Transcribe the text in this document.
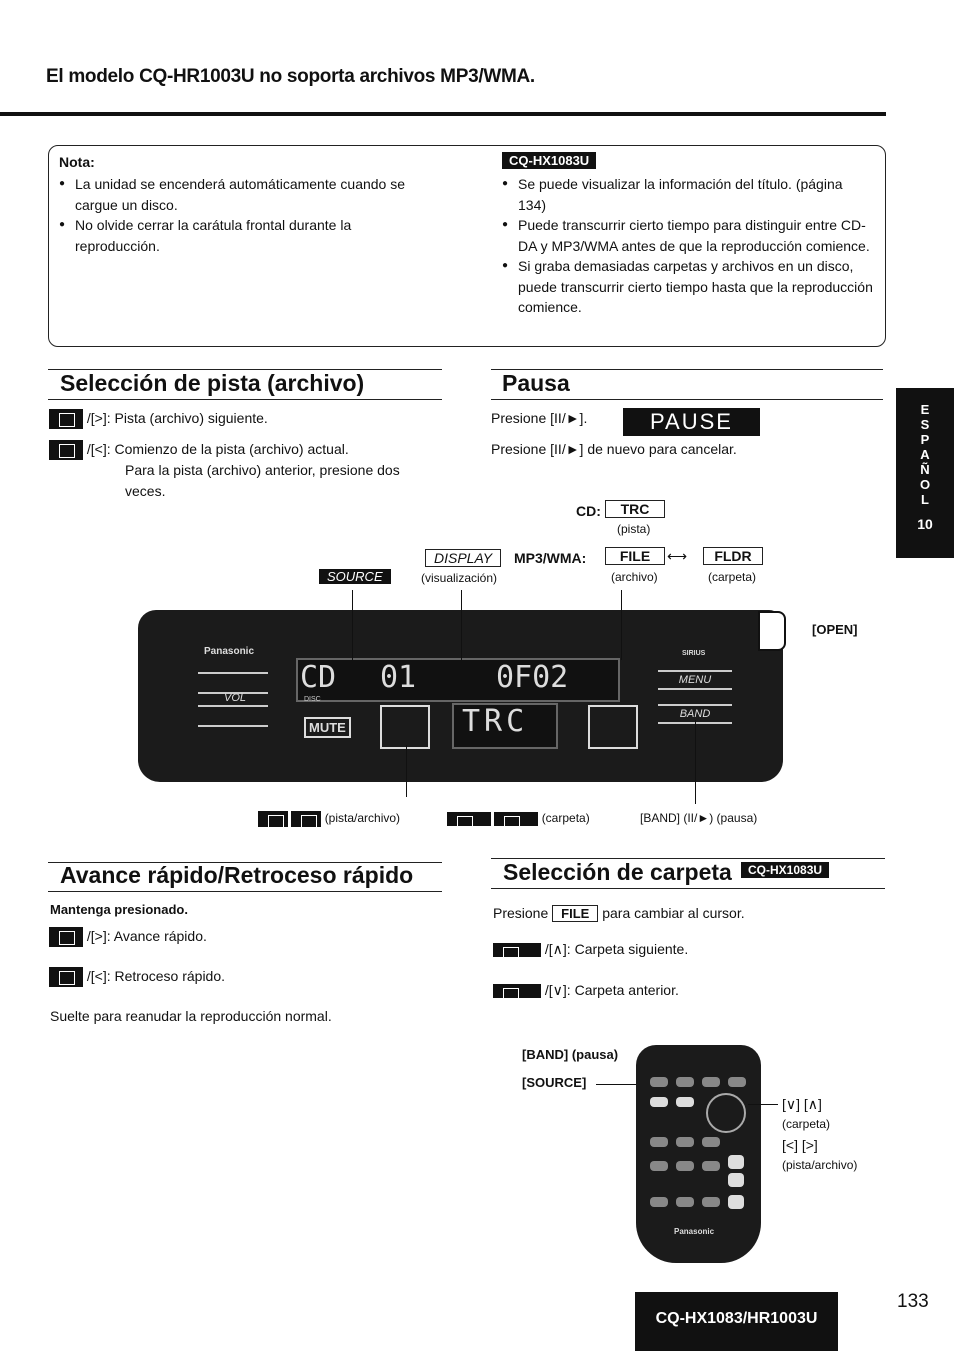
El modelo CQ-HR1003U no soporta archivos MP3/WMA.
Nota:
● La unidad se encenderá automáticamente cuando se cargue un disco.
● No olvide cerrar la carátula frontal durante la reproducción.
CQ-HX1083U
● Se puede visualizar la información del título. (página 134)
● Puede transcurrir cierto tiempo para distinguir entre CD-DA y MP3/WMA antes de que la reproducción comience.
● Si graba demasiadas carpetas y archivos en un disco, puede transcurrir cierto tiempo hasta que la reproducción comience.
E
S
P
A
Ñ
O
L
10
Selección de pista (archivo)
/[>]: Pista (archivo) siguiente.
/[<]: Comienzo de la pista (archivo) actual.
Para la pista (archivo) anterior, presione dos veces.
Pausa
Presione [II/►].	PAUSE
Presione [II/►] de nuevo para cancelar.
CD:	TRC
(pista)
DISPLAY
(visualización)
MP3/WMA:	FILE	⟷	FLDR
(archivo)	(carpeta)
SOURCE
[OPEN]
Panasonic
VOL
CD 01	0F02
DISC
MUTE	TRC
SIRIUS
MENU
BAND
(pista/archivo)	(carpeta)	[BAND] (II/►) (pausa)
Avance rápido/Retroceso rápido
Mantenga presionado.
/[>]: Avance rápido.
/[<]: Retroceso rápido.
Suelte para reanudar la reproducción normal.
Selección de carpeta	CQ-HX1083U
Presione FILE para cambiar al cursor.
/[∧]: Carpeta siguiente.
/[∨]: Carpeta anterior.
[BAND] (pausa)
[SOURCE]
Panasonic
[∨] [∧]
(carpeta)
[<] [>]
(pista/archivo)
CQ-HX1083/HR1003U
133
